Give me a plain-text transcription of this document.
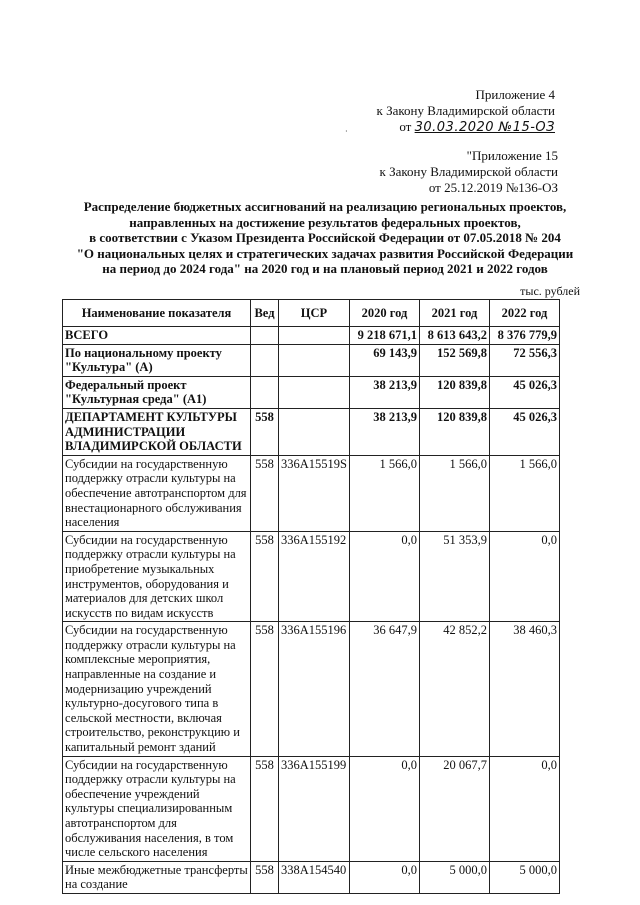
Приложение 4
к Закону Владимирской области
от 30.03.2020 №15-ОЗ
·
"Приложение 15
к Закону Владимирской области
от 25.12.2019 №136-ОЗ
Распределение бюджетных ассигнований на реализацию региональных проектов,
направленных на достижение результатов федеральных проектов,
в соответствии с Указом Президента Российской Федерации от 07.05.2018 № 204
"О национальных целях и стратегических задачах развития Российской Федерации
на период до 2024 года" на 2020 год и на плановый период 2021 и 2022 годов
тыс. рублей
Наименование показателя	Вед	ЦСР	2020 год	2021 год	2022 год
ВСЕГО			9 218 671,1	8 613 643,2	8 376 779,9
По национальному проекту "Культура" (А)			69 143,9	152 569,8	72 556,3
Федеральный проект "Культурная среда" (А1)			38 213,9	120 839,8	45 026,3
ДЕПАРТАМЕНТ КУЛЬТУРЫ АДМИНИСТРАЦИИ ВЛАДИМИРСКОЙ ОБЛАСТИ	558		38 213,9	120 839,8	45 026,3
Субсидии на государственную поддержку отрасли культуры на обеспечение автотранспортом для внестационарного обслуживания населения	558	336A15519S	1 566,0	1 566,0	1 566,0
Субсидии на государственную поддержку отрасли культуры на приобретение музыкальных инструментов, оборудования и материалов для детских школ искусств по видам искусств	558	336A155192	0,0	51 353,9	0,0
Субсидии на государственную поддержку отрасли культуры на комплексные мероприятия, направленные на создание и модернизацию учреждений культурно-досугового типа в сельской местности, включая строительство, реконструкцию и капитальный ремонт зданий	558	336A155196	36 647,9	42 852,2	38 460,3
Субсидии на государственную поддержку отрасли культуры на обеспечение учреждений культуры специализированным автотранспортом для обслуживания населения, в том числе сельского населения	558	336A155199	0,0	20 067,7	0,0
Иные межбюджетные трансферты на создание	558	338A154540	0,0	5 000,0	5 000,0
